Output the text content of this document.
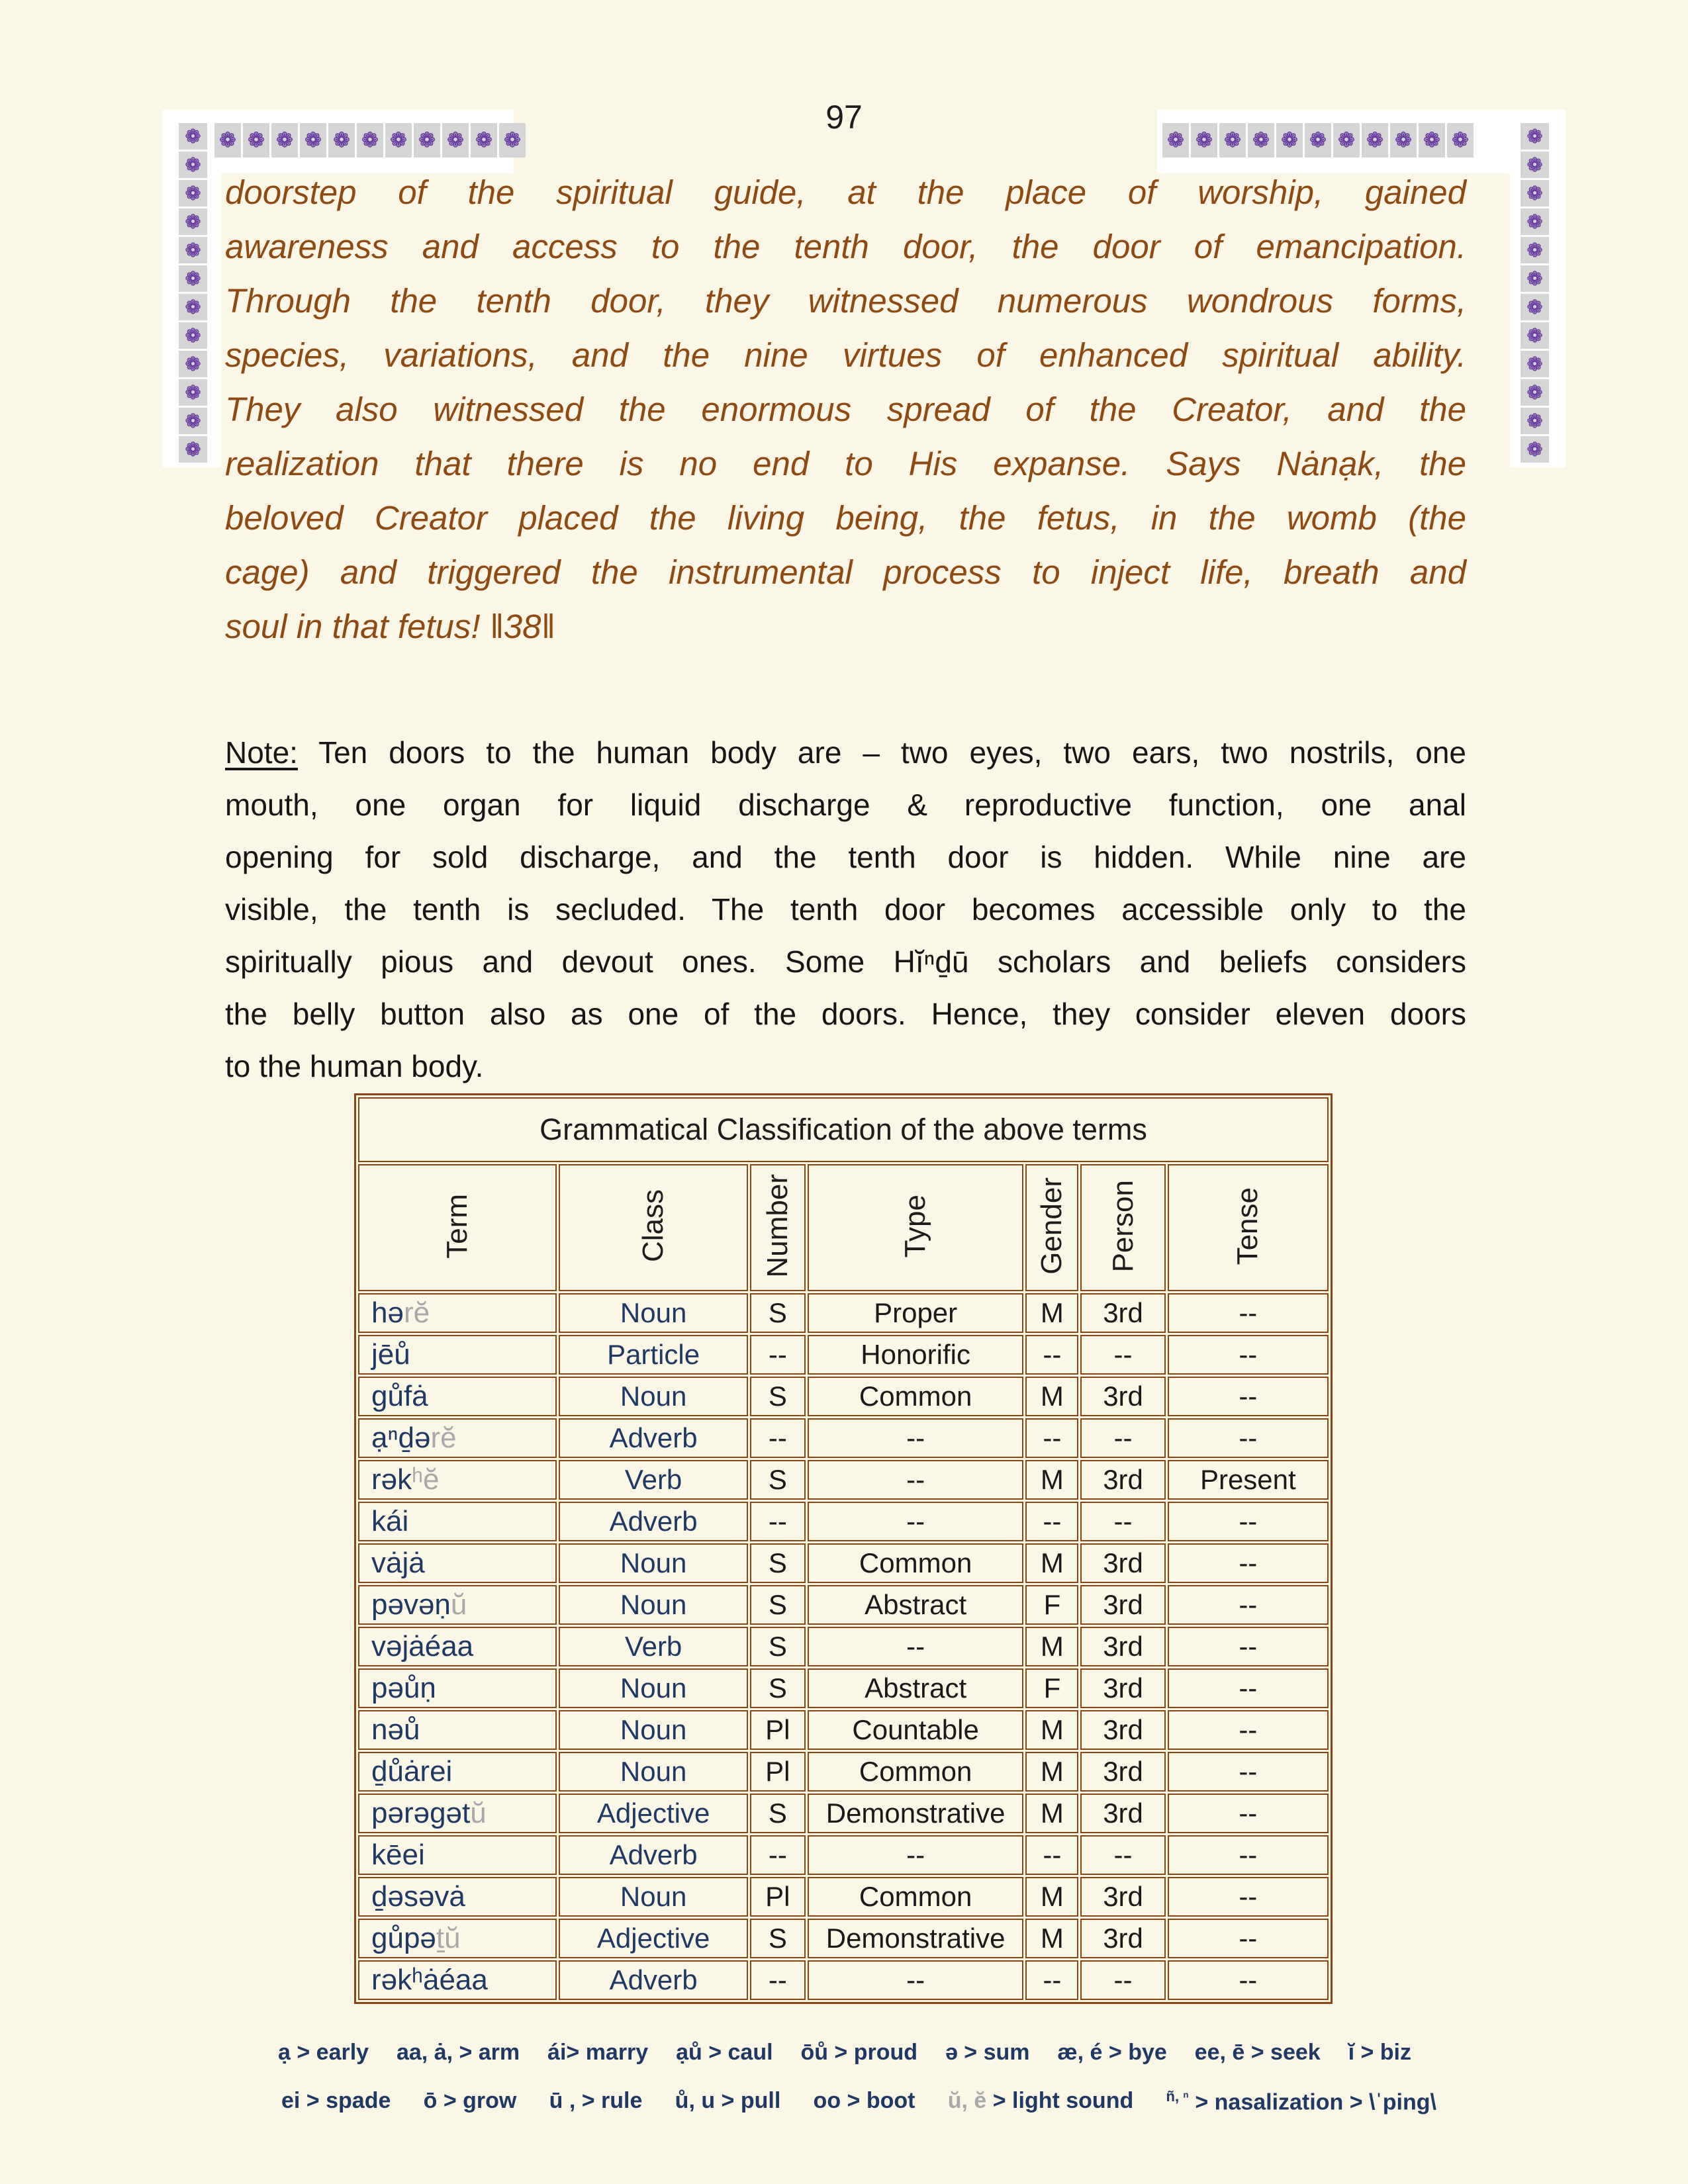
97
❁ ❁ ❁ ❁ ❁ ❁ ❁ ❁ ❁ ❁ ❁
❁
❁
❁
❁
❁
❁
❁
❁
❁
❁
❁
❁
❁ ❁ ❁ ❁ ❁ ❁ ❁ ❁ ❁ ❁ ❁	❁
❁
❁
❁
❁
❁
❁
❁
❁
❁
❁
❁
doorstep of the spiritual guide, at the place of worship, gained
awareness and access to the tenth door, the door of emancipation.
Through the tenth door, they witnessed numerous wondrous forms,
species, variations, and the nine virtues of enhanced spiritual ability.
They also witnessed the enormous spread of the Creator, and the
realization that there is no end to His expanse. Says Nȧnạk, the
beloved Creator placed the living being, the fetus, in the womb (the
cage) and triggered the instrumental process to inject life, breath and
soul in that fetus! ‖38‖
Note: Ten doors to the human body are – two eyes, two ears, two nostrils, one
mouth, one organ for liquid discharge & reproductive function, one anal
opening for sold discharge, and the tenth door is hidden. While nine are
visible, the tenth is secluded. The tenth door becomes accessible only to the
spiritually pious and devout ones. Some Hĭⁿḏū scholars and beliefs considers
the belly button also as one of the doors. Hence, they consider eleven doors
to the human body.
Grammatical Classification of the above terms						
Term	Class	Number	Type	Gender	Person	Tense
hərĕ	Noun	S	Proper	M	3rd	--
jēů	Particle	--	Honorific	--	--	--
gůfȧ	Noun	S	Common	M	3rd	--
ạⁿḏərĕ	Adverb	--	--	--	--	--
rəkʰĕ	Verb	S	--	M	3rd	Present
kái	Adverb	--	--	--	--	--
vȧjȧ	Noun	S	Common	M	3rd	--
pəvəṇŭ	Noun	S	Abstract	F	3rd	--
vəjȧéaa	Verb	S	--	M	3rd	--
pəůṇ	Noun	S	Abstract	F	3rd	--
nəů	Noun	Pl	Countable	M	3rd	--
ḏůȧrei	Noun	Pl	Common	M	3rd	--
pərəgətŭ	Adjective	S	Demonstrative	M	3rd	--
kēei	Adverb	--	--	--	--	--
ḏəsəvȧ	Noun	Pl	Common	M	3rd	--
gůpəṯŭ	Adjective	S	Demonstrative	M	3rd	--
rəkʰȧéaa	Adverb	--	--	--	--	--
ạ > early aa, ȧ, > arm ái> marry ạů > caul ōů > proud ə > sum æ, é > bye ee, ē > seek ĭ > biz
ei > spade ō > grow ū , > rule ů, u > pull oo > boot ŭ, ĕ > light sound $^{ñ, ^n}$ > nasalization > \ˈping\
